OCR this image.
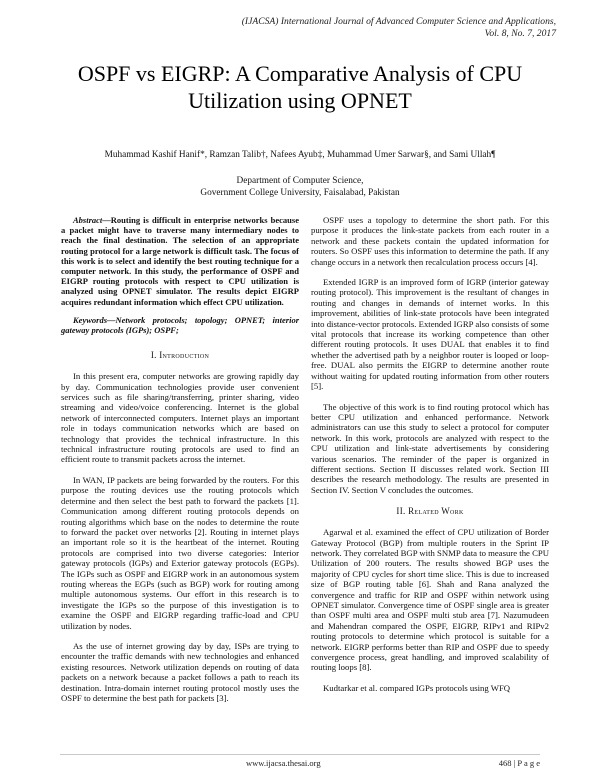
(IJACSA) International Journal of Advanced Computer Science and Applications,
Vol. 8, No. 7, 2017
OSPF vs EIGRP: A Comparative Analysis of CPU
Utilization using OPNET
Muhammad Kashif Hanif*, Ramzan Talib†, Nafees Ayub‡, Muhammad Umer Sarwar§, and Sami Ullah¶
Department of Computer Science,
Government College University, Faisalabad, Pakistan
Abstract—Routing is difficult in enterprise networks because a packet might have to traverse many intermediary nodes to reach the final destination. The selection of an appropriate routing protocol for a large network is difficult task. The focus of this work is to select and identify the best routing technique for a computer network. In this study, the performance of OSPF and EIGRP routing protocols with respect to CPU utilization is analyzed using OPNET simulator. The results depict EIGRP acquires redundant information which effect CPU utilization.
Keywords—Network protocols; topology; OPNET; interior gateway protocols (IGPs); OSPF;
I. Introduction

In this present era, computer networks are growing rapidly day by day. Communication technologies provide user convenient services such as file sharing/transferring, printer sharing, video streaming and video/voice conferencing. Internet is the global network of interconnected computers. Internet plays an important role in todays communication networks which are based on technology that provides the technical infrastructure. In this technical infrastructure routing protocols are used to find an efficient route to transmit packets across the internet.

In WAN, IP packets are being forwarded by the routers. For this purpose the routing devices use the routing protocols which determine and then select the best path to forward the packets [1]. Communication among different routing protocols depends on routing algorithms which base on the nodes to determine the route to forward the packet over networks [2]. Routing in internet plays an important role so it is the heartbeat of the internet. Routing protocols are comprised into two diverse categories: Interior gateway protocols (IGPs) and Exterior gateway protocols (EGPs). The IGPs such as OSPF and EIGRP work in an autonomous system routing whereas the EGPs (such as BGP) work for routing among multiple autonomous systems. Our effort in this research is to investigate the IGPs so the purpose of this investigation is to examine the OSPF and EIGRP regarding traffic-load and CPU utilization by nodes.

As the use of internet growing day by day, ISPs are trying to encounter the traffic demands with new technologies and enhanced existing resources. Network utilization depends on routing of data packets on a network because a packet follows a path to reach its destination. Intra-domain internet routing protocol mostly uses the OSPF to determine the best path for packets [3].

OSPF uses a topology to determine the short path. For this purpose it produces the link-state packets from each router in a network and these packets contain the updated information for routers. So OSPF uses this information to determine the path. If any change occurs in a network then recalculation process occurs [4].

Extended IGRP is an improved form of IGRP (interior gateway routing protocol). This improvement is the resultant of changes in routing and changes in demands of internet works. In this improvement, abilities of link-state protocols have been integrated into distance-vector protocols. Extended IGRP also consists of some vital protocols that increase its working competence than other different routing protocols. It uses DUAL that enables it to find whether the advertised path by a neighbor router is looped or loop-free. DUAL also permits the EIGRP to determine another route without waiting for updated routing information from other routers [5].

The objective of this work is to find routing protocol which has better CPU utilization and enhanced performance. Network administrators can use this study to select a protocol for computer network. In this work, protocols are analyzed with respect to the CPU utilization and link-state advertisements by considering various scenarios. The reminder of the paper is organized in different sections. Section II discusses related work. Section III describes the research methodology. The results are presented in Section IV. Section V concludes the outcomes.

II. Related Work

Agarwal et al. examined the effect of CPU utilization of Border Gateway Protocol (BGP) from multiple routers in the Sprint IP network. They correlated BGP with SNMP data to measure the CPU Utilization of 200 routers. The results showed BGP uses the majority of CPU cycles for short time slice. This is due to increased size of BGP routing table [6]. Shah and Rana analyzed the convergence and traffic for RIP and OSPF within network using OPNET simulator. Convergence time of OSPF single area is greater than OSPF multi area and OSPF multi stub area [7]. Nazumudeen and Mahendran compared the OSPF, EIGRP, RIPv1 and RIPv2 routing protocols to determine which protocol is suitable for a network. EIGRP performs better than RIP and OSPF due to speedy convergence process, great handling, and improved scalability of routing loops [8].

Kudtarkar et al. compared IGPs protocols using WFQ

www.ijacsa.thesai.org	468 | P a g e
